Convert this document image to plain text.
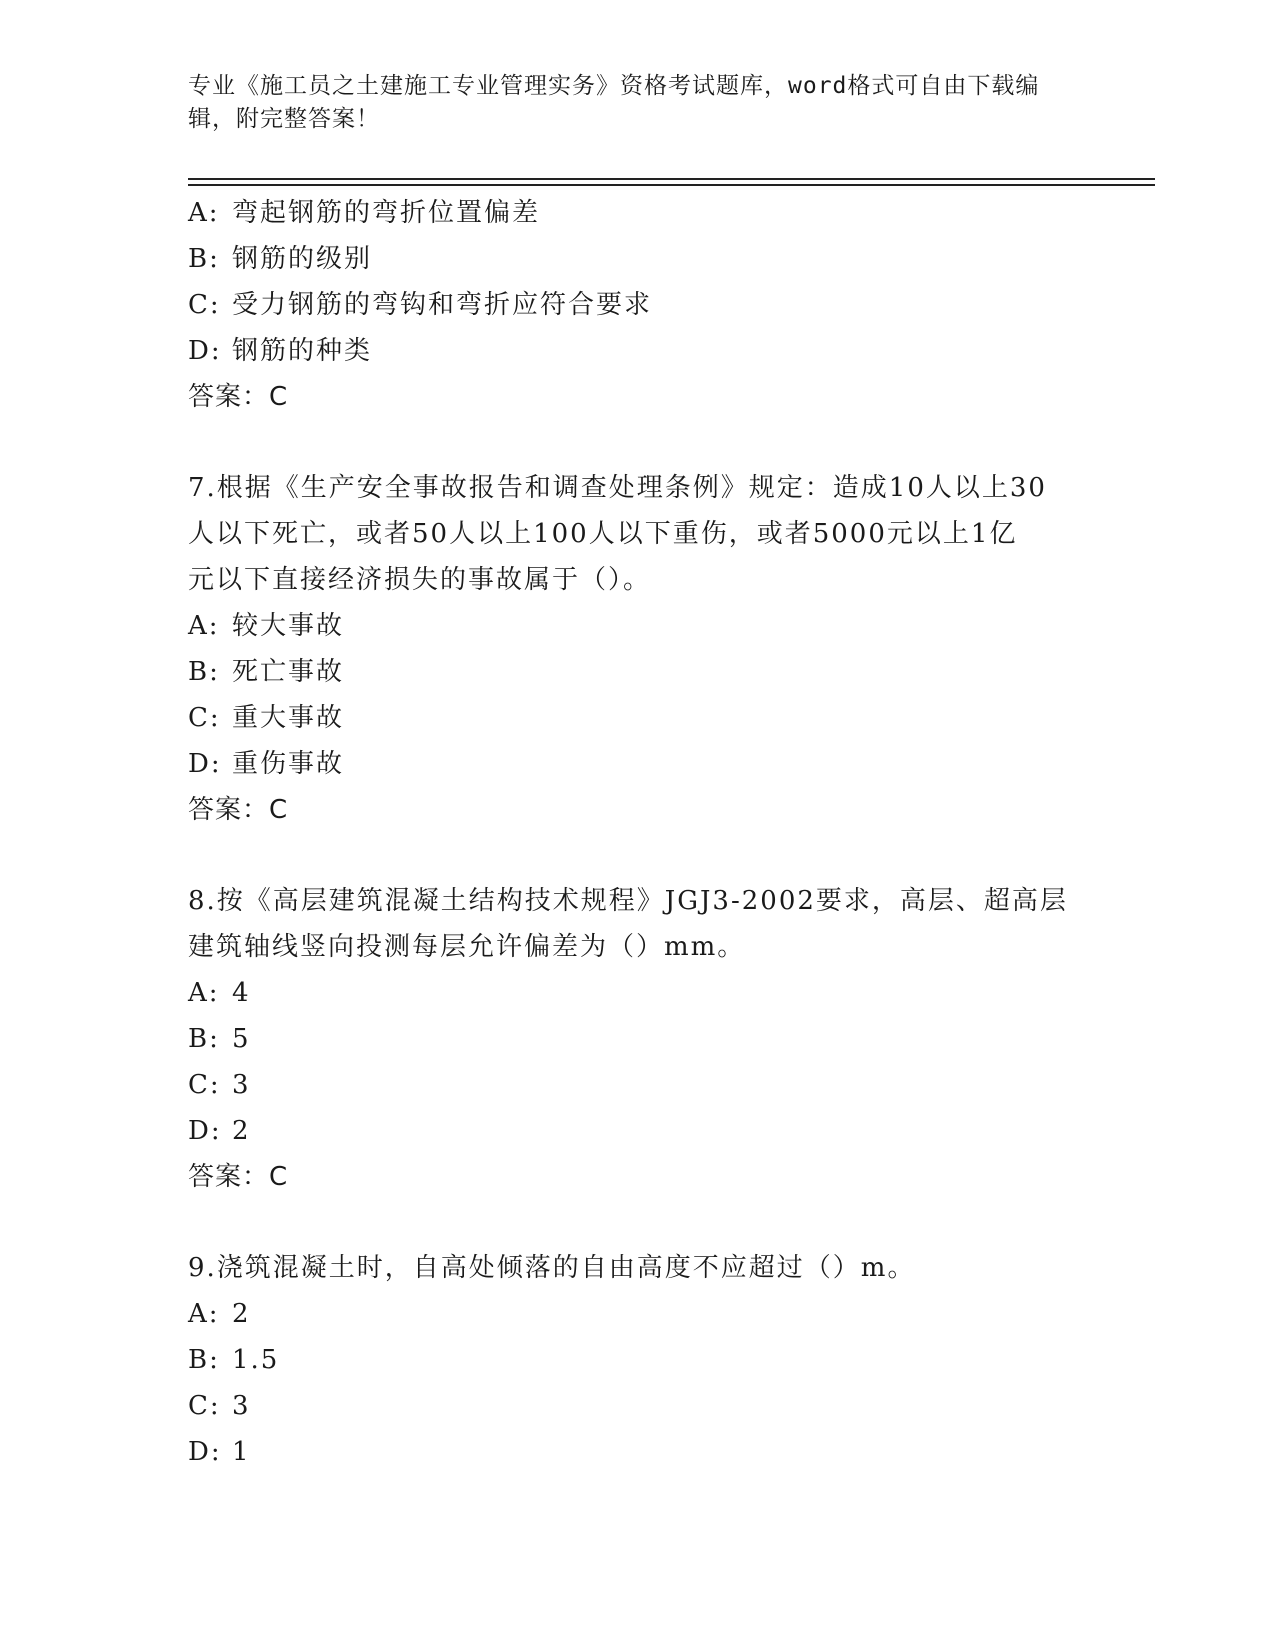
专业《施工员之土建施工专业管理实务》资格考试题库，word格式可自由下载编
辑，附完整答案！
A: 弯起钢筋的弯折位置偏差
B: 钢筋的级别
C: 受力钢筋的弯钩和弯折应符合要求
D: 钢筋的种类
答案：C
7.根据《生产安全事故报告和调查处理条例》规定：造成10人以上30
人以下死亡，或者50人以上100人以下重伤，或者5000元以上1亿
元以下直接经济损失的事故属于（）。
A: 较大事故
B: 死亡事故
C: 重大事故
D: 重伤事故
答案：C
8.按《高层建筑混凝土结构技术规程》JGJ3-2002要求，高层、超高层
建筑轴线竖向投测每层允许偏差为（）mm。
A: 4
B: 5
C: 3
D: 2
答案：C
9.浇筑混凝土时，自高处倾落的自由高度不应超过（）m。
A: 2
B: 1.5
C: 3
D: 1
